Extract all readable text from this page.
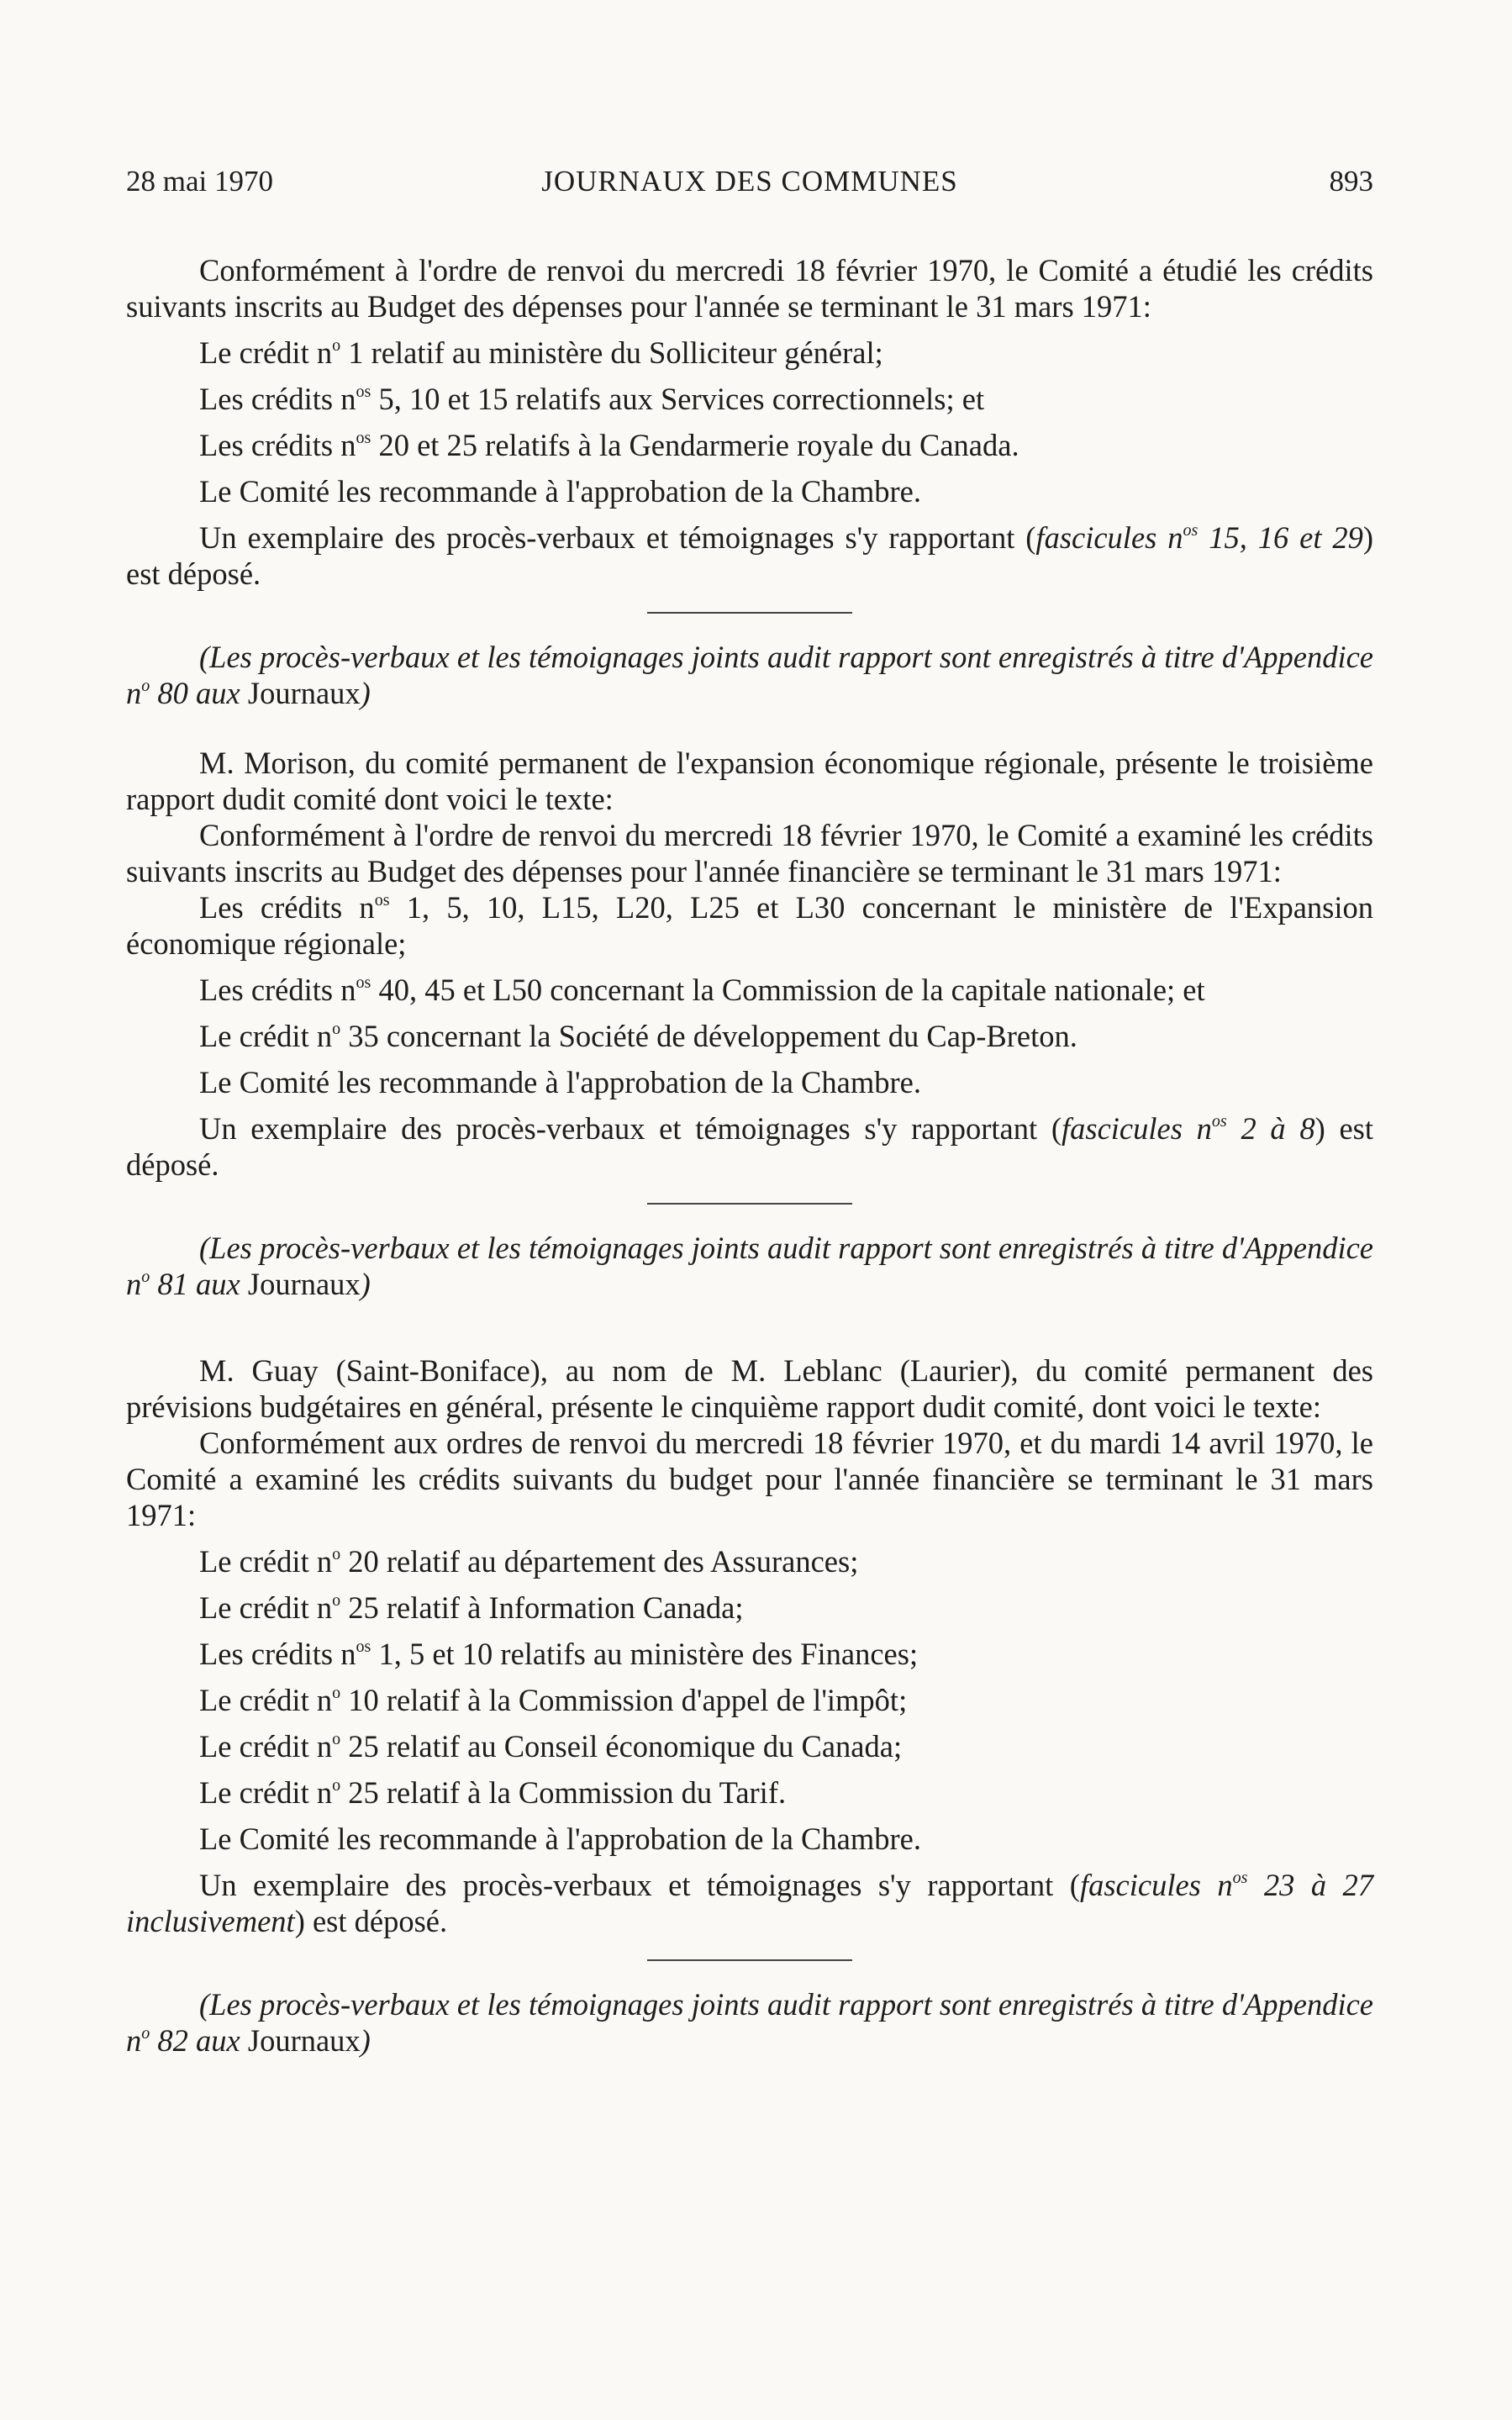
28 mai 1970	JOURNAUX DES COMMUNES	893

Conformément à l'ordre de renvoi du mercredi 18 février 1970, le Comité a étudié les crédits suivants inscrits au Budget des dépenses pour l'année se terminant le 31 mars 1971:

Le crédit $n^o$ 1 relatif au ministère du Solliciteur général;

Les crédits $n^{os}$ 5, 10 et 15 relatifs aux Services correctionnels; et

Les crédits $n^{os}$ 20 et 25 relatifs à la Gendarmerie royale du Canada.

Le Comité les recommande à l'approbation de la Chambre.

Un exemplaire des procès-verbaux et témoignages s'y rapportant (fascicules $n^{os}$ 15, 16 et 29) est déposé.

(Les procès-verbaux et les témoignages joints audit rapport sont enregistrés à titre d'Appendice $n^o$ 80 aux Journaux)

M. Morison, du comité permanent de l'expansion économique régionale, présente le troisième rapport dudit comité dont voici le texte:

Conformément à l'ordre de renvoi du mercredi 18 février 1970, le Comité a examiné les crédits suivants inscrits au Budget des dépenses pour l'année financière se terminant le 31 mars 1971:

Les crédits $n^{os}$ 1, 5, 10, L15, L20, L25 et L30 concernant le ministère de l'Expansion économique régionale;

Les crédits $n^{os}$ 40, 45 et L50 concernant la Commission de la capitale nationale; et

Le crédit $n^o$ 35 concernant la Société de développement du Cap-Breton.

Le Comité les recommande à l'approbation de la Chambre.

Un exemplaire des procès-verbaux et témoignages s'y rapportant (fascicules $n^{os}$ 2 à 8) est déposé.

(Les procès-verbaux et les témoignages joints audit rapport sont enregistrés à titre d'Appendice $n^o$ 81 aux Journaux)

M. Guay (Saint-Boniface), au nom de M. Leblanc (Laurier), du comité permanent des prévisions budgétaires en général, présente le cinquième rapport dudit comité, dont voici le texte:

Conformément aux ordres de renvoi du mercredi 18 février 1970, et du mardi 14 avril 1970, le Comité a examiné les crédits suivants du budget pour l'année financière se terminant le 31 mars 1971:

Le crédit $n^o$ 20 relatif au département des Assurances;

Le crédit $n^o$ 25 relatif à Information Canada;

Les crédits $n^{os}$ 1, 5 et 10 relatifs au ministère des Finances;

Le crédit $n^o$ 10 relatif à la Commission d'appel de l'impôt;

Le crédit $n^o$ 25 relatif au Conseil économique du Canada;

Le crédit $n^o$ 25 relatif à la Commission du Tarif.

Le Comité les recommande à l'approbation de la Chambre.

Un exemplaire des procès-verbaux et témoignages s'y rapportant (fascicules $n^{os}$ 23 à 27 inclusivement) est déposé.

(Les procès-verbaux et les témoignages joints audit rapport sont enregistrés à titre d'Appendice $n^o$ 82 aux Journaux)
